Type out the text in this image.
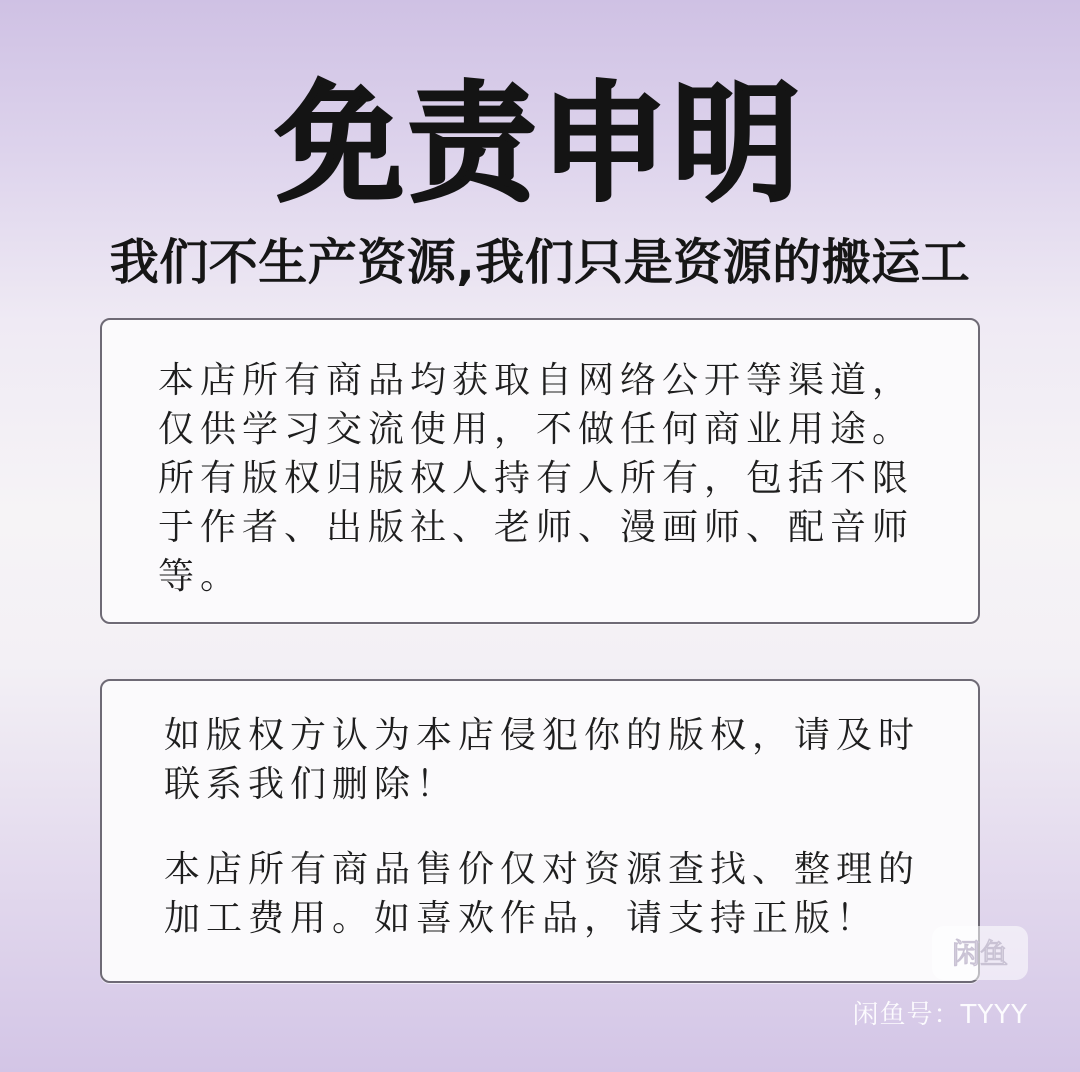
免责申明
我们不生产资源,我们只是资源的搬运工

本店所有商品均获取自网络公开等渠道，仅供学习交流使用，不做任何商业用途。所有版权归版权人持有人所有，包括不限于作者、出版社、老师、漫画师、配音师等。

如版权方认为本店侵犯你的版权，请及时联系我们删除！

本店所有商品售价仅对资源查找、整理的加工费用。如喜欢作品，请支持正版！

闲鱼
闲鱼号：TYYY
